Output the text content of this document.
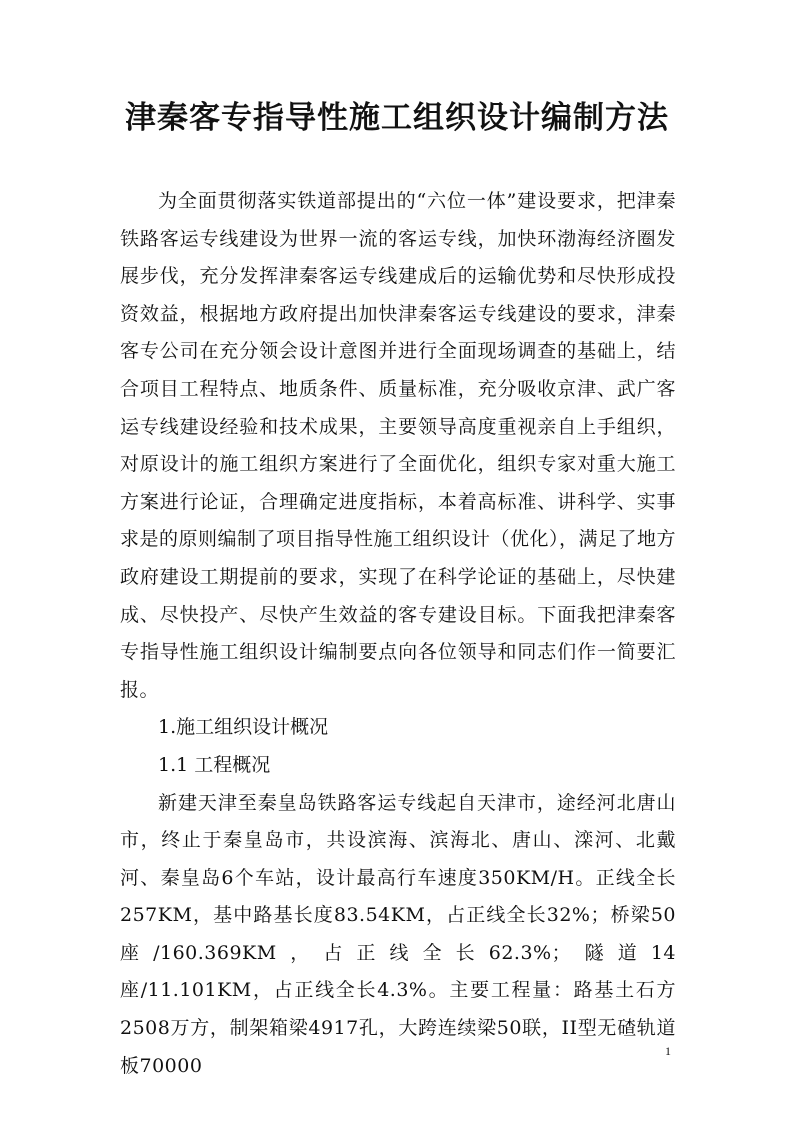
津秦客专指导性施工组织设计编制方法

为全面贯彻落实铁道部提出的“六位一体”建设要求，把津秦铁路客运专线建设为世界一流的客运专线，加快环渤海经济圈发展步伐，充分发挥津秦客运专线建成后的运输优势和尽快形成投资效益，根据地方政府提出加快津秦客运专线建设的要求，津秦客专公司在充分领会设计意图并进行全面现场调查的基础上，结合项目工程特点、地质条件、质量标准，充分吸收京津、武广客运专线建设经验和技术成果，主要领导高度重视亲自上手组织，对原设计的施工组织方案进行了全面优化，组织专家对重大施工方案进行论证，合理确定进度指标，本着高标准、讲科学、实事求是的原则编制了项目指导性施工组织设计（优化），满足了地方政府建设工期提前的要求，实现了在科学论证的基础上，尽快建成、尽快投产、尽快产生效益的客专建设目标。下面我把津秦客专指导性施工组织设计编制要点向各位领导和同志们作一简要汇报。

1.施工组织设计概况

1.1 工程概况

新建天津至秦皇岛铁路客运专线起自天津市，途经河北唐山市，终止于秦皇岛市，共设滨海、滨海北、唐山、滦河、北戴河、秦皇岛6个车站，设计最高行车速度350KM/H。正线全长257KM，基中路基长度83.54KM，占正线全长32%；桥梁50座/160.369KM，占正线全长62.3%；隧道14座/11.101KM，占正线全长4.3%。主要工程量：路基土石方2508万方，制架箱梁4917孔，大跨连续梁50联，II型无碴轨道板70000

1
